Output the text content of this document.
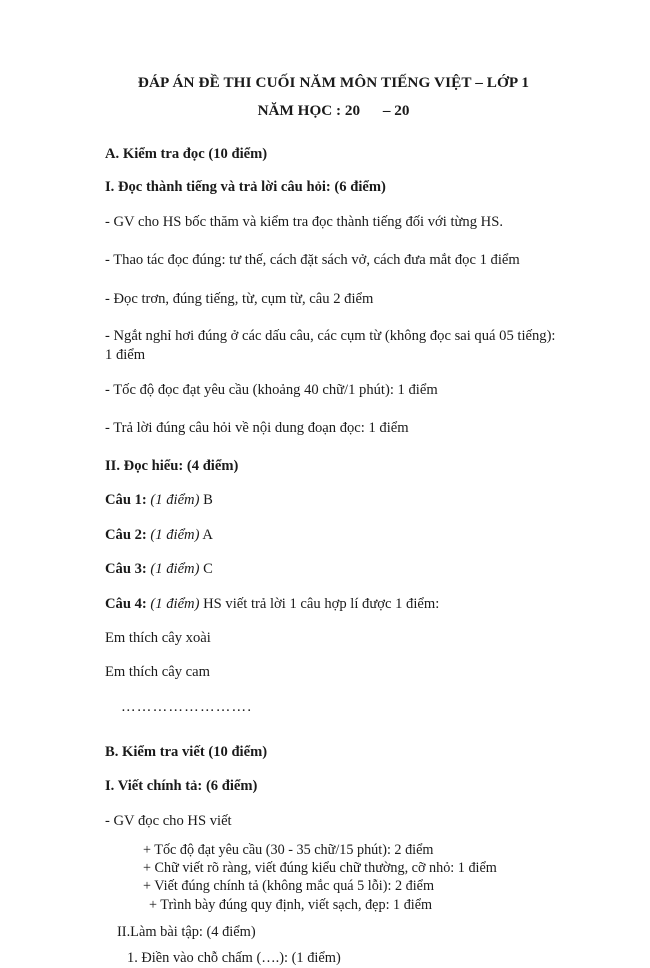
ĐÁP ÁN ĐỀ THI CUỐI NĂM MÔN TIẾNG VIỆT – LỚP 1
NĂM HỌC : 20      – 20
A. Kiểm tra đọc (10 điểm)
I. Đọc thành tiếng và trả lời câu hỏi: (6 điểm)
- GV cho HS bốc thăm và kiểm tra đọc thành tiếng đối với từng HS.
- Thao tác đọc đúng: tư thế, cách đặt sách vở, cách đưa mắt đọc 1 điểm
- Đọc trơn, đúng tiếng, từ, cụm từ, câu 2 điểm
- Ngắt nghỉ hơi đúng ở các dấu câu, các cụm từ (không đọc sai quá 05 tiếng): 1 điểm
- Tốc độ đọc đạt yêu cầu (khoảng 40 chữ/1 phút): 1 điểm
- Trả lời đúng câu hỏi về nội dung đoạn đọc: 1 điểm
II. Đọc hiểu: (4 điểm)
Câu 1: (1 điểm) B
Câu 2: (1 điểm) A
Câu 3: (1 điểm) C
Câu 4: (1 điểm) HS viết trả lời 1 câu hợp lí được 1 điểm:
Em thích cây xoài
Em thích cây cam
…………………….
B. Kiểm tra viết (10 điểm)
I. Viết chính tả: (6 điểm)
- GV đọc cho HS viết
+ Tốc độ đạt yêu cầu (30 - 35 chữ/15 phút): 2 điểm
+ Chữ viết rõ ràng, viết đúng kiểu chữ thường, cỡ nhỏ: 1 điểm
+ Viết đúng chính tả (không mắc quá 5 lỗi): 2 điểm
+ Trình bày đúng quy định, viết sạch, đẹp: 1 điểm
II.Làm bài tập: (4 điểm)
1. Điền vào chỗ chấm (….): (1 điểm)
